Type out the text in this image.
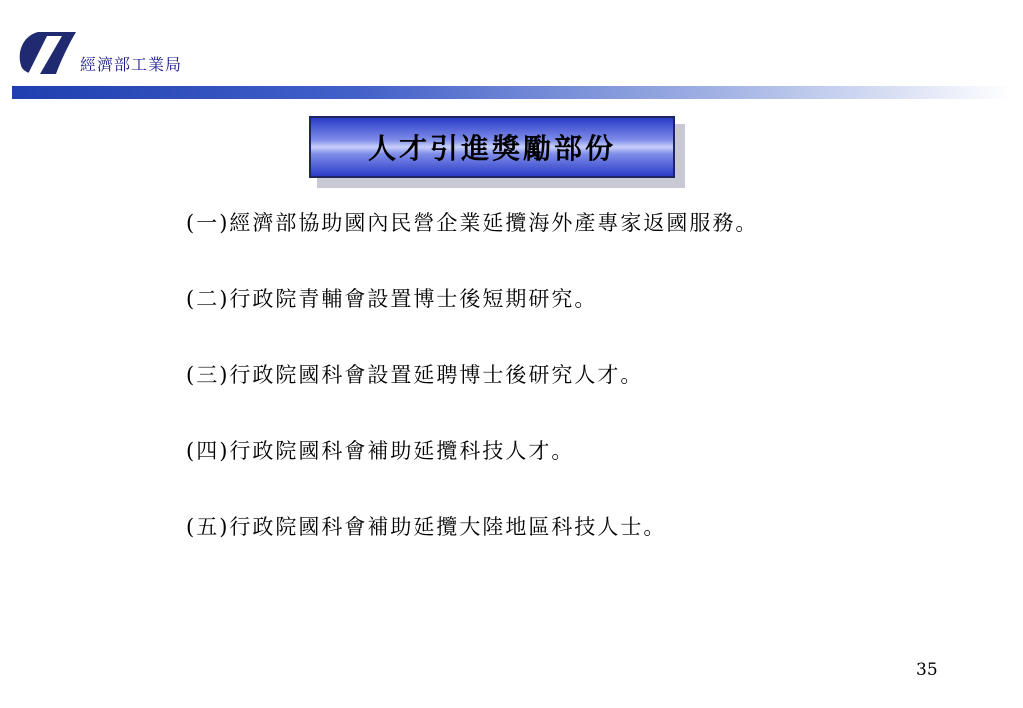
經濟部工業局
人才引進獎勵部份
(一)經濟部協助國內民營企業延攬海外產專家返國服務。
(二)行政院青輔會設置博士後短期研究。
(三)行政院國科會設置延聘博士後研究人才。
(四)行政院國科會補助延攬科技人才。
(五)行政院國科會補助延攬大陸地區科技人士。
35
